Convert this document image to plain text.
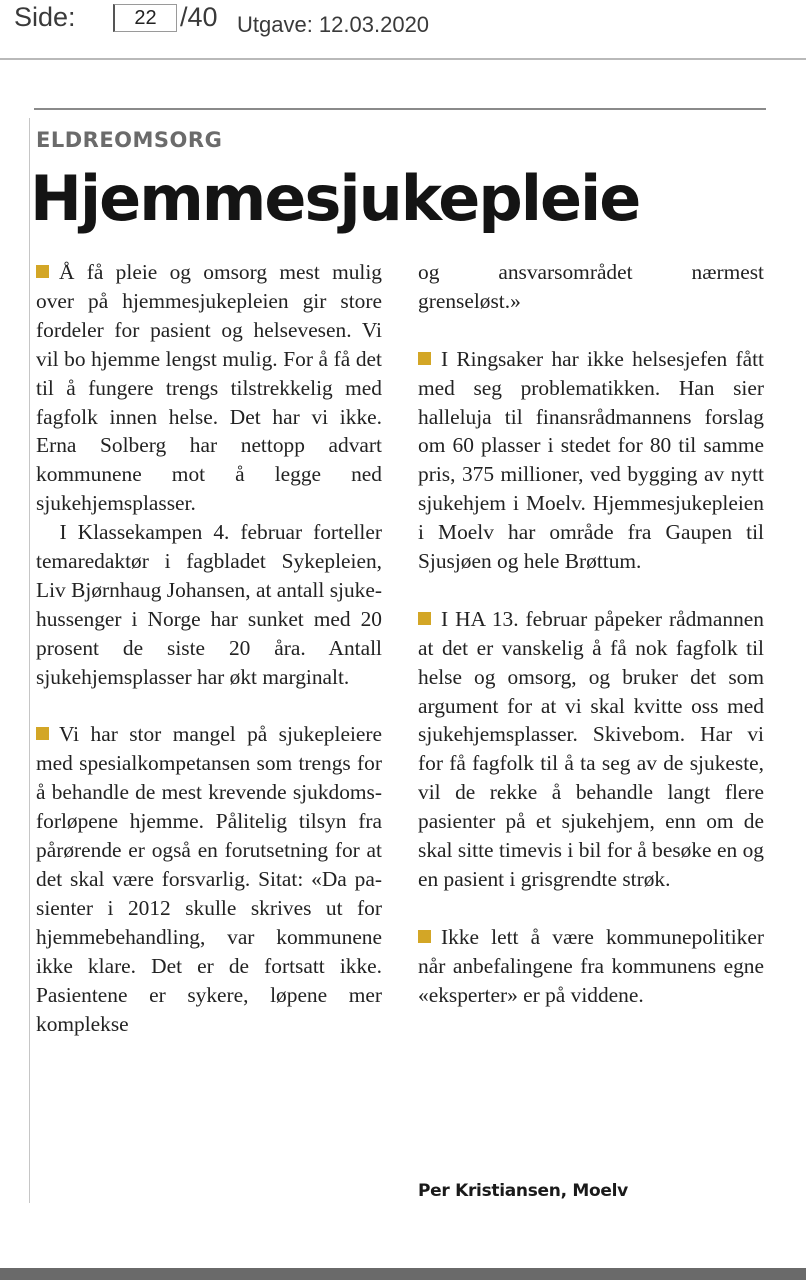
Side:
22	/40 Utgave: 12.03.2020
ELDREOMSORG
Hjemmesjukepleie

Å få pleie og omsorg mest mulig over på hjemmesjukepleien gir store fordeler for pasient og helsevesen. Vi vil bo hjemme lengst mulig. For å få det til å fungere trengs tilstrekkelig med fagfolk innen helse. Det har vi ikke. Erna Solberg har nettopp advart kommunene mot å legge ned sjukehjemsplasser.

I Klassekampen 4. februar forteller temaredaktør i fagbladet Sykepleien, Liv Bjørnhaug Johansen, at antall sjukehussenger i Norge har sunket med 20 prosent de siste 20 åra. Antall sjukehjemsplasser har økt marginalt.

Vi har stor mangel på sjukepleiere med spesialkompetansen som trengs for å behandle de mest krevende sjukdomsforløpene hjemme. Pålitelig tilsyn fra pårørende er også en forutsetning for at det skal være forsvarlig. Sitat: «Da pasienter i 2012 skulle skrives ut for hjemmebehandling, var kommunene ikke klare. Det er de fortsatt ikke. Pasientene er sykere, løpene mer komplekse

og ansvarsområdet nærmest grenseløst.»

I Ringsaker har ikke helsesjefen fått med seg problematikken. Han sier halleluja til finansrådmannens forslag om 60 plasser i stedet for 80 til samme pris, 375 millioner, ved bygging av nytt sjukehjem i Moelv. Hjemmesjukepleien i Moelv har område fra Gaupen til Sjusjøen og hele Brøttum.

I HA 13. februar påpeker rådmannen at det er vanskelig å få nok fagfolk til helse og omsorg, og bruker det som argument for at vi skal kvitte oss med sjukehjemsplasser. Skivebom. Har vi for få fagfolk til å ta seg av de sjukeste, vil de rekke å behandle langt flere pasienter på et sjukehjem, enn om de skal sitte timevis i bil for å besøke en og en pasient i grisgrendte strøk.

Ikke lett å være kommunepolitiker når anbefalingene fra kommunens egne «eksperter» er på viddene.

Per Kristiansen, Moelv
